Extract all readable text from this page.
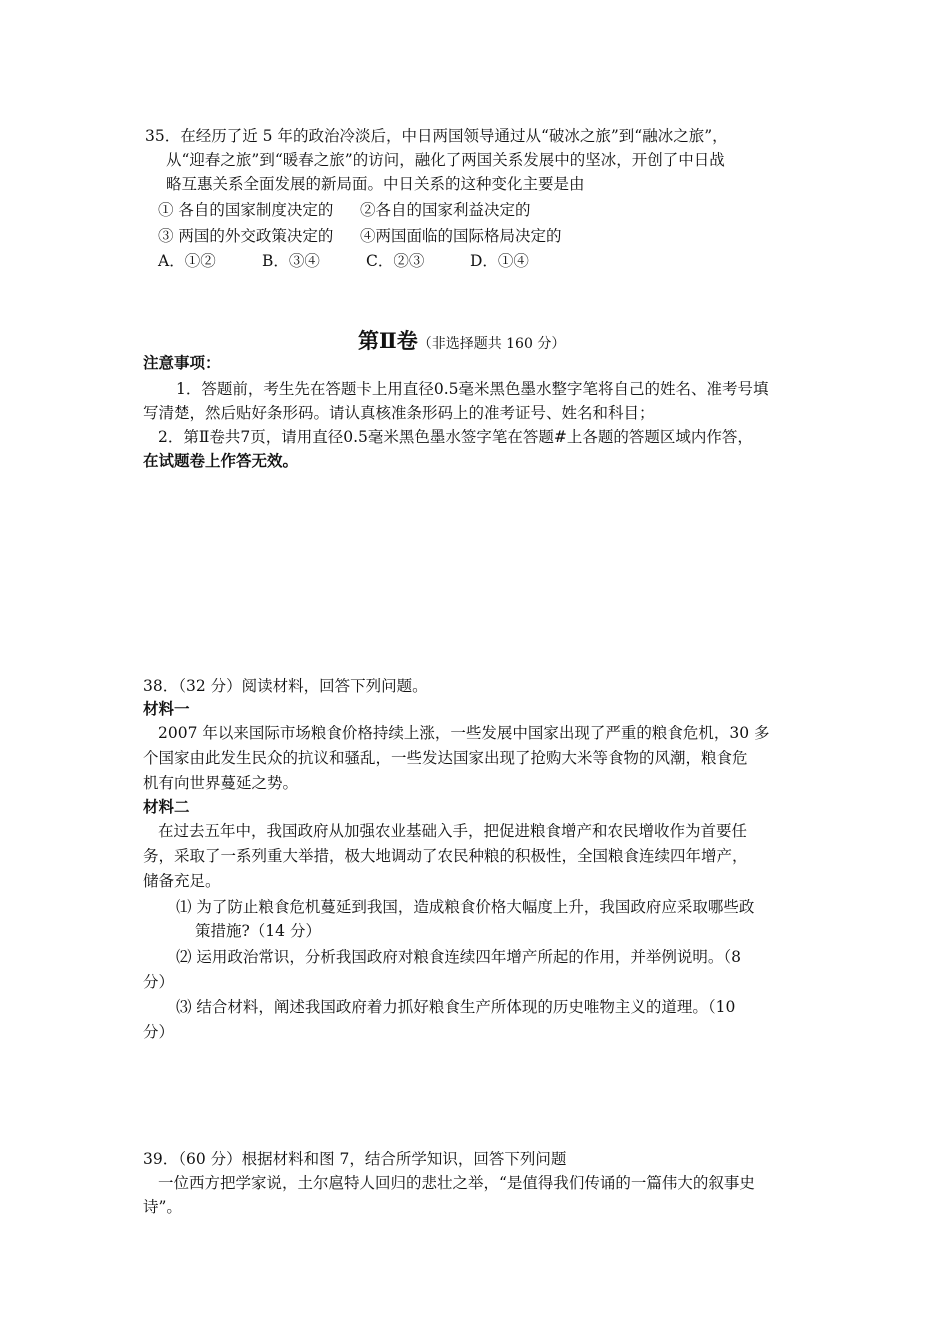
35．在经历了近 5 年的政治冷淡后，中日两国领导通过从“破冰之旅”到“融冰之旅”，
从“迎春之旅”到“暖春之旅”的访问，融化了两国关系发展中的坚冰，开创了中日战
略互惠关系全面发展的新局面。中日关系的这种变化主要是由
① 各自的国家制度决定的 ②各自的国家利益决定的
③ 两国的外交政策决定的 ④两国面临的国际格局决定的
A．①②	B．③④	C．②③	D．①④
第Ⅱ卷（非选择题共 160 分）
注意事项：
1．答题前，考生先在答题卡上用直径0.5毫米黑色墨水整字笔将自己的姓名、准考号填
写清楚，然后贴好条形码。请认真核准条形码上的准考证号、姓名和科目；
2．第Ⅱ卷共7页，请用直径0.5毫米黑色墨水签字笔在答题#上各题的答题区域内作答，
在试题卷上作答无效。
38．（32 分）阅读材料，回答下列问题。
材料一
2007 年以来国际市场粮食价格持续上涨，一些发展中国家出现了严重的粮食危机，30 多
个国家由此发生民众的抗议和骚乱，一些发达国家出现了抢购大米等食物的风潮，粮食危
机有向世界蔓延之势。
材料二
在过去五年中，我国政府从加强农业基础入手，把促进粮食增产和农民增收作为首要任
务，采取了一系列重大举措，极大地调动了农民种粮的积极性，全国粮食连续四年增产，
储备充足。
⑴ 为了防止粮食危机蔓延到我国，造成粮食价格大幅度上升，我国政府应采取哪些政
策措施?（14 分）
⑵ 运用政治常识，分析我国政府对粮食连续四年增产所起的作用，并举例说明。（8
分）
⑶ 结合材料，阐述我国政府着力抓好粮食生产所体现的历史唯物主义的道理。（10
分）
39．（60 分）根据材料和图 7，结合所学知识，回答下列问题
一位西方把学家说，土尔扈特人回归的悲壮之举，“是值得我们传诵的一篇伟大的叙事史
诗”。
